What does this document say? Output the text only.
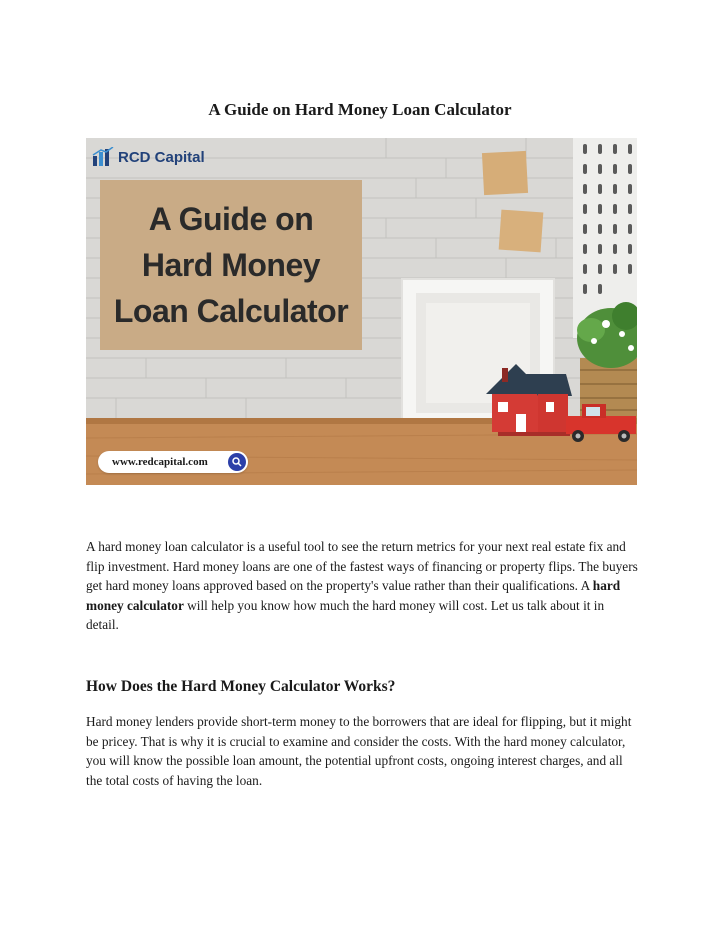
A Guide on Hard Money Loan Calculator
RCD Capital
A Guide on
Hard Money
Loan Calculator
www.redcapital.com

A hard money loan calculator is a useful tool to see the return metrics for your next real estate fix and flip investment. Hard money loans are one of the fastest ways of financing or property flips. The buyers get hard money loans approved based on the property's value rather than their qualifications. A hard money calculator will help you know how much the hard money will cost. Let us talk about it in detail.

How Does the Hard Money Calculator Works?

Hard money lenders provide short-term money to the borrowers that are ideal for flipping, but it might be pricey. That is why it is crucial to examine and consider the costs. With the hard money calculator, you will know the possible loan amount, the potential upfront costs, ongoing interest charges, and all the total costs of having the loan.
